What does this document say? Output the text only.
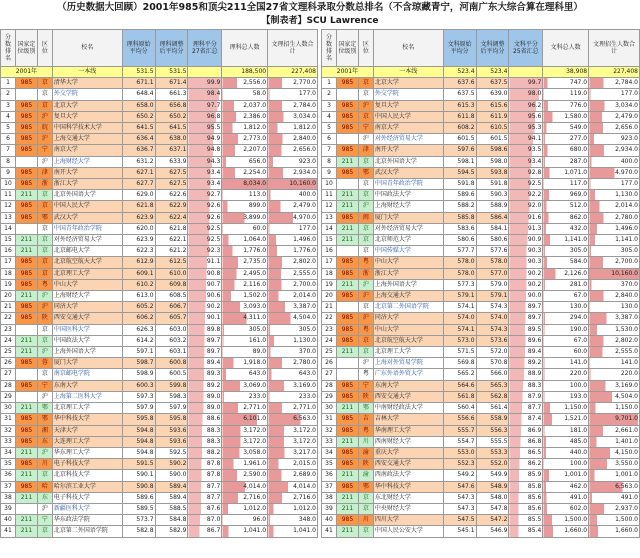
（历史数据大回顾）2001年985和顶尖211全国27省文理科录取分数总排名（不含琼藏青宁，河南广东大综合算在理科里）
【制表者】SCU Lawrence
分数排名	国家定位级别	区位	校名	理科原始平均分	理科调整后平均分	理科平分27省汇总	理科总人数	文理招生人数合计
2001年			一本线	531.5	531.5		188,500	227,408
1	985	京	清华大学	671.1	671.4	99.9	2,556.0	2,770.0
2		京	外交学院	648.4	661.3	98.4	58.0	177.0
3	985	京	北京大学	658.0	656.8	97.7	2,037.0	2,784.0
4	985	沪	复旦大学	650.2	650.2	96.8	2,386.0	3,034.0
5	985	皖	中国科学技术大学	641.5	641.5	95.5	1,812.0	1,812.0
6	985	沪	上海交通大学	636.4	638.0	94.9	2,773.0	2,840.0
7	985	宁	南京大学	636.7	637.1	94.8	2,207.0	2,656.0
8		沪	上海财经大学	631.2	633.9	94.3	656.0	923.0
9	985	津	南开大学	627.1	627.5	93.4	2,254.0	2,934.0
10	985	浙	浙江大学	627.7	627.5	93.4	8,034.0	10,160.0
11	211	京	北京外国语大学	629.0	622.6	92.7	113.0	400.0
12	985	京	中国人民大学	621.8	622.9	92.6	899.0	2,479.0
13	985	鄂	武汉大学	623.9	622.4	92.6	3,899.0	4,970.0
14		京	中国青年政治学院	620.0	621.8	92.5	60.0	177.0
15	211	京	对外经济贸易大学	623.9	622.1	92.5	1,064.0	1,496.0
16	211	京	北京邮电大学	622.3	621.2	92.3	1,776.0	1,776.0
17	985	京	北京航空航天大学	612.9	612.5	91.1	2,735.0	2,802.0
18	985	京	北京理工大学	609.1	610.0	90.8	2,495.0	2,555.0
19	985	粤	中山大学	610.2	609.8	90.7	2,116.0	2,700.0
20	211	沪	上海财经大学	613.0	608.5	90.6	1,502.0	2,014.0
21	985	沪	同济大学	605.2	606.7	90.2	3,093.0	3,387.0
22	985	陕	西安交通大学	606.2	605.7	90.1	4,311.0	4,504.0
23		京	中国医科大学	626.3	603.0	89.8	305.0	305.0
24	211	京	中国政法大学	614.2	603.2	89.7	161.0	1,130.0
25	211	沪	上海外国语大学	597.1	603.1	89.7	89.0	370.0
26	985	蓉	厦门大学	598.7	600.8	89.4	1,918.0	2,780.0
27		京	南京邮电学院	598.9	600.5	89.3	643.0	643.0
28	985	宁	东南大学	600.3	599.8	89.2	3,069.0	3,169.0
29		沪	上海第二医科大学	597.3	598.3	89.0	233.0	233.0
30	211	鄂	北京理工大学	597.9	597.9	89.0	2,771.0	2,771.0
31	985	鄂	华中科技大学	595.8	595.8	88.6	6,101.0	6,563.0
32	985	湘	天津大学	594.8	593.6	88.3	3,172.0	3,172.0
33	985	东	大连理工大学	594.8	593.6	88.3	3,172.0	3,172.0
34	211	沪	华东理工大学	594.8	592.5	88.2	3,058.0	3,217.0
35	985	川	电子科技大学	591.5	590.2	87.8	1,961.0	2,015.0
36	211	京	北京科技大学	590.1	590.0	87.8	2,590.0	2,689.0
37	985	哈	哈尔滨工业大学	590.8	589.4	87.7	4,014.0	4,014.0
38	211	东	电子科技大学	589.6	589.4	87.7	2,716.0	2,716.0
39		沪	新疆医科大学	589.5	588.5	87.6	1,012.0	1,012.0
40	211	宁	华东政法学院	573.7	584.8	87.0	96.0	348.0
41	211	京	北京第二外国语学院	582.8	582.9	86.7	1,041.0	1,041.0
分数排名	国家定位级别	区位	校名	文科原始平均分	文科调整后平均分	文科平分25省汇总	文科总人数	文理招生人数合计
2001年			一本线	523.4	523.4		38,908	227,408
1	985	京	北京大学	637.6	637.5	99.7	747.0	2,784.0
2		京	外交学院	637.5	639.0	98.0	119.0	177.0
3	985	沪	复旦大学	615.3	615.6	96.2	776.0	3,034.0
4	985	京	中国人民大学	611.8	611.9	95.6	1,580.0	2,479.0
5	985	宁	南京大学	608.2	610.5	95.3	549.0	2,656.0
6		沪	对外经济贸易大学	601.5	601.5	94.1	277.0	923.0
7	985	津	南开大学	597.6	598.6	93.5	680.0	2,934.0
8	211	京	北京外国语大学	598.1	598.0	93.4	287.0	400.0
9	985	鄂	武汉大学	594.5	593.8	92.8	1,071.0	4,970.0
10		京	中国青年政治学院	591.8	591.8	92.5	117.0	177.0
11	211	京	中国政法大学	589.6	590.3	92.2	969.0	1,130.0
12	211	沪	上海财经大学	588.2	588.9	92.0	512.0	2,014.0
13	985	闽	厦门大学	585.8	586.4	91.6	862.0	2,780.0
14	211	京	对外经济贸易大学	583.6	584.1	91.3	432.0	1,496.0
15	211	京	北京师范大学	580.6	580.6	90.9	1,141.0	1,141.0
16		京	中国传媒大学	577.7	577.6	90.3	305.0	305.0
17	985	粤	中山大学	578.0	578.0	90.3	584.0	2,700.0
18	985	浙	浙江大学	578.0	577.0	90.2	2,126.0	10,160.0
19	211	沪	上海外国语大学	577.3	579.0	90.2	281.0	370.0
20	985	沪	上海交通大学	579.1	579.1	90.0	67.0	2,840.0
21		京	北京第二外国语学院	574.1	574.3	89.7	130.0	130.0
22	985	沪	同济大学	574.0	574.0	89.7	294.0	3,387.0
23	985	粤	中山大学	574.1	574.3	89.5	190.0	1,530.0
24	985	京	北京航空航天大学	573.0	573.6	89.6	67.0	2,802.0
25	211	京	北京理工大学	571.5	572.0	89.4	60.0	2,555.0
26		沪	上海对外贸易学院	569.8	570.8	89.2	141.0	141.0
27		粤	广东外语外贸大学	565.2	566.0	88.9	220.0	220.0
28	985	宁	东南大学	564.6	565.3	88.3	100.0	3,169.0
29	985	陕	西安交通大学	561.8	562.8	87.9	193.0	4,504.0
30	211	鄂	中南财经政法大学	560.4	561.4	87.7	1,150.0	1,150.0
31	985	吉	吉林大学	556.6	558.9	87.4	1,521.0	9,701.0
32	985	粤	华南理工大学	555.7	556.3	86.9	181.0	2,661.0
33	211	川	西南财经大学	554.7	555.5	86.8	485.0	1,401.0
34	985	渝	重庆大学	553.0	553.3	86.5	440.0	4,150.0
35	985	陕	西安交通大学	552.3	552.0	86.2	100.0	3,550.0
36	211	渝	西南政法大学	549.2	549.9	85.9	1,001.0	1,001.0
37	985	鄂	华中科技大学	547.6	548.9	85.8	462.0	6,563.0
38	211	京	东北财经大学	547.3	548.0	85.6	491.0	491.0
39	211	京	中央财经大学	547.3	547.8	85.6	602.0	2,937.0
40	985	川	四川大学	547.5	547.2	85.5	1,500.0	1,500.0
41	211	京	中国人民公安大学	545.1	546.9	85.4	1,660.0	1,660.0
